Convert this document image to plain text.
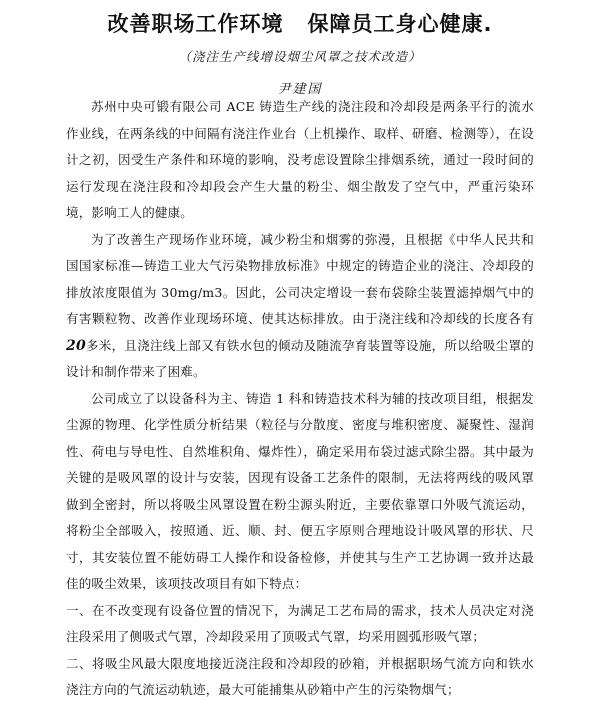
改善职场工作环境 保障员工身心健康.
（浇注生产线增设烟尘风罩之技术改造）
尹建国

苏州中央可锻有限公司 ACE 铸造生产线的浇注段和冷却段是两条平行的流水作业线，在两条线的中间隔有浇注作业台（上机操作、取样、研磨、检测等），在设计之初，因受生产条件和环境的影响，没考虑设置除尘排烟系统，通过一段时间的运行发现在浇注段和冷却段会产生大量的粉尘、烟尘散发了空气中，严重污染环境，影响工人的健康。

为了改善生产现场作业环境，减少粉尘和烟雾的弥漫，且根据《中华人民共和国国家标准—铸造工业大气污染物排放标准》中规定的铸造企业的浇注、冷却段的排放浓度限值为 30mg/m3。因此，公司决定增设一套布袋除尘装置滤掉烟气中的有害颗粒物、改善作业现场环境、使其达标排放。由于浇注线和冷却线的长度各有20多米，且浇注线上部又有铁水包的倾动及随流孕育装置等设施，所以给吸尘罩的设计和制作带来了困难。

公司成立了以设备科为主、铸造 1 科和铸造技术科为辅的技改项目组，根据发尘源的物理、化学性质分析结果（粒径与分散度、密度与堆积密度、凝聚性、湿润性、荷电与导电性、自然堆积角、爆炸性），确定采用布袋过滤式除尘器。其中最为关键的是吸风罩的设计与安装，因现有设备工艺条件的限制，无法将两线的吸风罩做到全密封，所以将吸尘风罩设置在粉尘源头附近，主要依靠罩口外吸气流运动，将粉尘全部吸入，按照通、近、顺、封、便五字原则合理地设计吸风罩的形状、尺寸，其安装位置不能妨碍工人操作和设备检修，并使其与生产工艺协调一致并达最佳的吸尘效果，该项技改项目有如下特点：

一、在不改变现有设备位置的情况下，为满足工艺布局的需求，技术人员决定对浇注段采用了侧吸式气罩，冷却段采用了顶吸式气罩，均采用圆弧形吸气罩；

二、将吸尘风最大限度地接近浇注段和冷却段的砂箱，并根据职场气流方向和铁水浇注方向的气流运动轨迹，最大可能捕集从砂箱中产生的污染物烟气；
